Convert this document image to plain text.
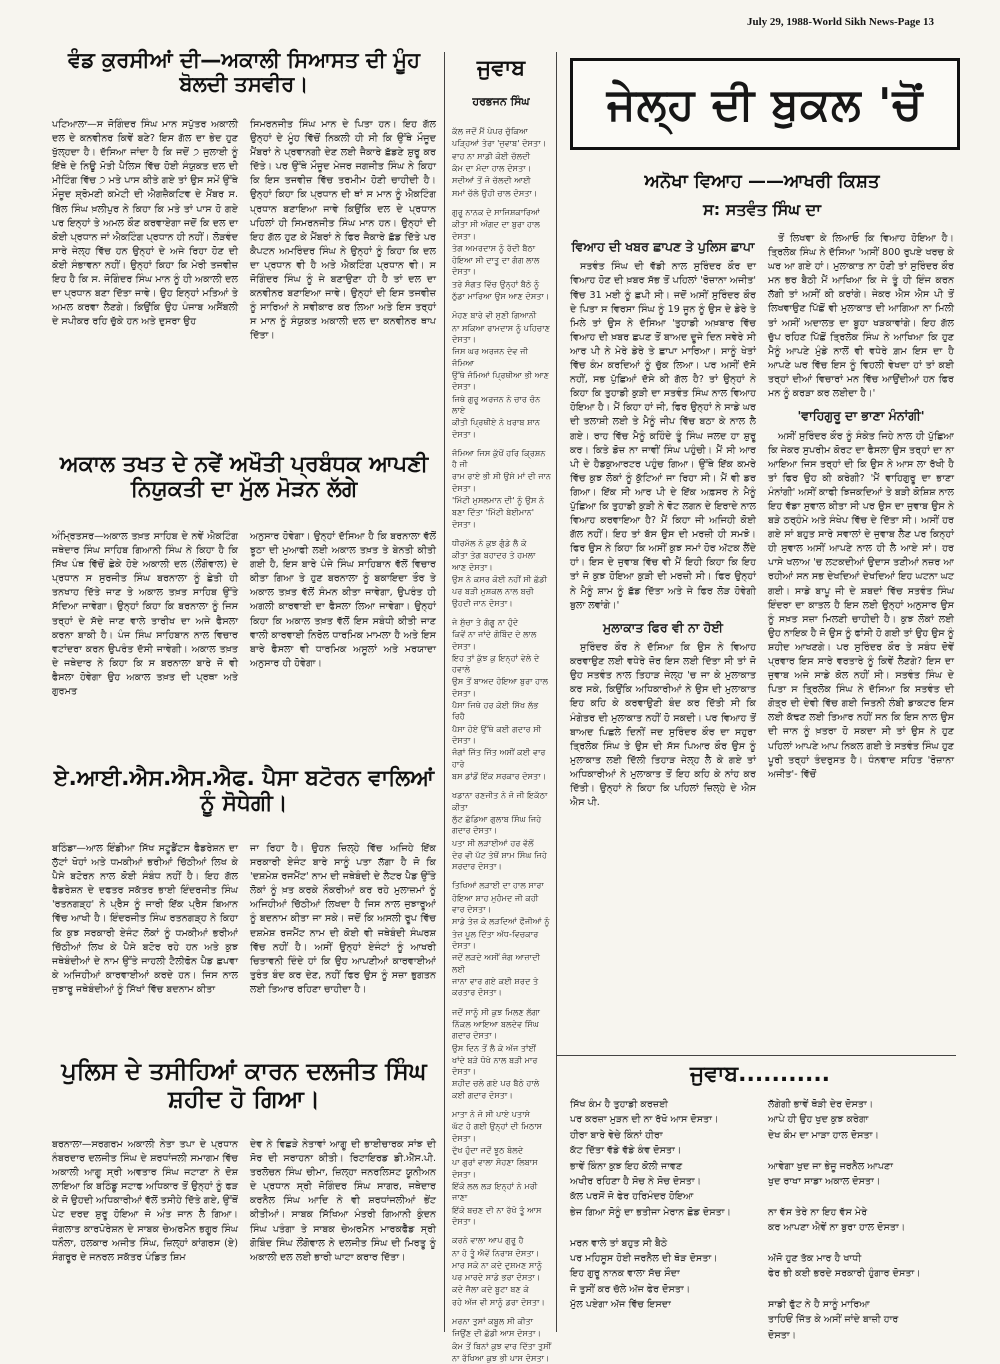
July 29, 1988-World Sikh News-Page 13
ਵੰਡ ਕੁਰਸੀਆਂ ਦੀ—ਅਕਾਲੀ ਸਿਆਸਤ ਦੀ ਮੂੰਹ ਬੋਲਦੀ ਤਸਵੀਰ।
ਪਟਿਆਲਾ—ਸ ਜੋਗਿੰਦਰ ਸਿੰਘ ਮਾਨ ਸਪੁੱਤਰ ਅਕਾਲੀ ਦਲ ਦੇ ਕਨਵੀਨਰ ਕਿਵੇਂ ਬਣੇ? ਇਸ ਗੱਲ ਦਾ ਭੇਦ ਹੁਣ ਖੁੱਲ੍ਹਦਾ ਹੈ। ਦੱਸਿਆ ਜਾਂਦਾ ਹੈ ਕਿ ਜਦੋਂ ੭ ਜੁਲਾਈ ਨੂੰ ਇੱਥੇ ਦੇ ਨਿਊ ਮੋਤੀ ਪੈਲਿਸ ਵਿੱਚ ਹੋਈ ਸੰਯੁਕਤ ਦਲ ਦੀ ਮੀਟਿੰਗ ਵਿੱਚ ੭ ਮਤੇ ਪਾਸ ਕੀਤੇ ਗਏ ਤਾਂ ਉਸ ਸਮੇਂ ਉੱਥੇ ਮੌਜੂਦ ਸ਼੍ਰੋਮਣੀ ਕਮੇਟੀ ਦੀ ਐਗਜ਼ੈਕਟਿਵ ਦੇ ਮੈਂਬਰ ਸ. ਬਿੱਲ ਸਿੰਘ ਖ਼ਲੀਪੁਰ ਨੇ ਕਿਹਾ ਕਿ ਮਤੇ ਤਾਂ ਪਾਸ ਹੋ ਗਏ ਪਰ ਇਨ੍ਹਾਂ ਤੇ ਅਮਲ ਕੌਣ ਕਰਵਾਏਗਾ ਜਦੋਂ ਕਿ ਦਲ ਦਾ ਕੋਈ ਪ੍ਰਧਾਨ ਜਾਂ ਐਕਟਿੰਗ ਪ੍ਰਧਾਨ ਹੀ ਨਹੀਂ। ਲੋੜਵੰਦ ਸਾਰੇ ਜੇਲ੍ਹ ਵਿੱਚ ਹਨ ਉਨ੍ਹਾਂ ਦੇ ਅਜੇ ਰਿਹਾ ਹੋਣ ਦੀ ਕੋਈ ਸੰਭਾਵਨਾ ਨਹੀਂ। ਉਨ੍ਹਾਂ ਕਿਹਾ ਕਿ ਮੇਰੀ ਤਜਵੀਜ਼ ਇਹ ਹੈ ਕਿ ਸ. ਜੋਗਿੰਦਰ ਸਿੰਘ ਮਾਨ ਨੂੰ ਹੀ ਅਕਾਲੀ ਦਲ ਦਾ ਪ੍ਰਧਾਨ ਬਣਾ ਦਿੱਤਾ ਜਾਵੇ। ਉਹ ਇਨ੍ਹਾਂ ਮਤਿਆਂ ਤੇ ਅਮਲ ਕਰਵਾ ਲੈਣਗੇ। ਕਿਉਂਕਿ ਉਹ ਪੰਜਾਬ ਅਸੈਂਬਲੀ ਦੇ ਸਪੀਕਰ ਰਹਿ ਚੁੱਕੇ ਹਨ ਅਤੇ ਦੁਸਰਾ ਉਹ
ਸਿਮਰਨਜੀਤ ਸਿੰਘ ਮਾਨ ਦੇ ਪਿਤਾ ਹਨ। ਇਹ ਗੱਲ ਉਨ੍ਹਾਂ ਦੇ ਮੂੰਹ ਵਿੱਚੋਂ ਨਿਕਲੀ ਹੀ ਸੀ ਕਿ ਉੱਥੇ ਮੌਜੂਦ ਮੈਂਬਰਾਂ ਨੇ ਪ੍ਰਵਾਨਗੀ ਦੇਣ ਲਈ ਜੈਕਾਰੇ ਛੱਡਣੇ ਸ਼ੁਰੂ ਕਰ ਦਿੱਤੇ। ਪਰ ਉੱਥੇ ਮੌਜੂਦ ਮੇਜਰ ਜਗਜੀਤ ਸਿੰਘ ਨੇ ਕਿਹਾ ਕਿ ਇਸ ਤਜਵੀਜ਼ ਵਿੱਚ ਤਰਮੀਮ ਹੋਣੀ ਚਾਹੀਦੀ ਹੈ। ਉਨ੍ਹਾਂ ਕਿਹਾ ਕਿ ਪ੍ਰਧਾਨ ਦੀ ਥਾਂ ਸ ਮਾਨ ਨੂੰ ਐਕਟਿੰਗ ਪ੍ਰਧਾਨ ਬਣਾਇਆ ਜਾਵੇ ਕਿਉਂਕਿ ਦਲ ਦੇ ਪ੍ਰਧਾਨ ਪਹਿਲਾਂ ਹੀ ਸਿਮਰਨਜੀਤ ਸਿੰਘ ਮਾਨ ਹਨ। ਉਨ੍ਹਾਂ ਦੀ ਇਹ ਗੱਲ ਹੁਣ ਕੇ ਮੈਂਬਰਾਂ ਨੇ ਫਿਰ ਜੈਕਾਰੇ ਛੱਡ ਦਿੱਤੇ ਪਰ ਕੈਪਟਨ ਅਮਰਿੰਦਰ ਸਿੰਘ ਨੇ ਉਨ੍ਹਾਂ ਨੂੰ ਕਿਹਾ ਕਿ ਦਲ ਦਾ ਪ੍ਰਧਾਨ ਵੀ ਹੈ ਅਤੇ ਐਕਟਿੰਗ ਪ੍ਰਧਾਨ ਵੀ। ਸ ਜੋਗਿੰਦਰ ਸਿੰਘ ਨੂੰ ਜੇ ਬਣਾਉਣਾ ਹੀ ਹੈ ਤਾਂ ਦਲ ਦਾ ਕਨਵੀਨਰ ਬਣਾਇਆ ਜਾਵੇ। ਉਨ੍ਹਾਂ ਦੀ ਇਸ ਤਜਵੀਜ਼ ਨੂੰ ਸਾਰਿਆਂ ਨੇ ਸਵੀਕਾਰ ਕਰ ਲਿਆ ਅਤੇ ਇਸ ਤਰ੍ਹਾਂ ਸ ਮਾਨ ਨੂੰ ਸੰਯੁਕਤ ਅਕਾਲੀ ਦਲ ਦਾ ਕਨਵੀਨਰ ਥਾਪ ਦਿੱਤਾ।
ਅਕਾਲ ਤਖਤ ਦੇ ਨਵੇਂ ਅਖੌਤੀ ਪ੍ਰਬੰਧਕ ਆਪਣੀ ਨਿਯੁਕਤੀ ਦਾ ਮੁੱਲ ਮੋੜਨ ਲੱਗੇ
ਅੰਮ੍ਰਿਤਸਰ—ਅਕਾਲ ਤਖ਼ਤ ਸਾਹਿਬ ਦੇ ਨਵੇਂ ਐਕਟਿੰਗ ਜਥੇਦਾਰ ਸਿੰਘ ਸਾਹਿਬ ਗਿਆਨੀ ਸਿੰਘ ਨੇ ਕਿਹਾ ਹੈ ਕਿ ਸਿੱਖ ਪੰਥ ਵਿੱਚੋਂ ਛੇਕੇ ਹੋਏ ਅਕਾਲੀ ਦਲ (ਲੌਂਗੋਵਾਲ) ਦੇ ਪ੍ਰਧਾਨ ਸ ਸੁਰਜੀਤ ਸਿੰਘ ਬਰਨਾਲਾ ਨੂੰ ਛੇਤੀ ਹੀ ਤਨਖਾਹ ਦਿੱਤੇ ਜਾਣ ਤੇ ਅਕਾਲ ਤਖ਼ਤ ਸਾਹਿਬ ਉੱਤੇ ਸੱਦਿਆ ਜਾਵੇਗਾ। ਉਨ੍ਹਾਂ ਕਿਹਾ ਕਿ ਬਰਨਾਲਾ ਨੂੰ ਜਿਸ ਤਰ੍ਹਾਂ ਦੇ ਸੱਦੇ ਜਾਣ ਵਾਲੇ ਤਾਰੀਖ ਦਾ ਅਜੇ ਫੈਸਲਾ ਕਰਨਾ ਬਾਕੀ ਹੈ। ਪੰਜ ਸਿੰਘ ਸਾਹਿਬਾਨ ਨਾਲ ਵਿਚਾਰ ਵਟਾਂਦਰਾ ਕਰਨ ਉਪਰੰਤ ਦੱਸੀ ਜਾਵੇਗੀ। ਅਕਾਲ ਤਖ਼ਤ ਦੇ ਜਥੇਦਾਰ ਨੇ ਕਿਹਾ ਕਿ ਸ ਬਰਨਾਲਾ ਬਾਰੇ ਜੋ ਵੀ ਫੈਸਲਾ ਹੋਵੇਗਾ ਉਹ ਅਕਾਲ ਤਖ਼ਤ ਦੀ ਪ੍ਰਥਾ ਅਤੇ ਗੁਰਮਤ
ਅਨੁਸਾਰ ਹੋਵੇਗਾ। ਉਨ੍ਹਾਂ ਦੱਸਿਆ ਹੈ ਕਿ ਬਰਨਾਲਾ ਵੱਲੋਂ ਝੂਠਾ ਦੀ ਮੁਆਫੀ ਲਈ ਅਕਾਲ ਤਖ਼ਤ ਤੇ ਬੇਨਤੀ ਕੀਤੀ ਗਈ ਹੈ, ਇਸ ਬਾਰੇ ਪੰਜੇ ਸਿੰਘ ਸਾਹਿਬਾਨ ਵੱਲੋਂ ਵਿਚਾਰ ਕੀਤਾ ਗਿਆ ਤੇ ਹੁਣ ਬਰਨਾਲਾ ਨੂੰ ਬਕਾਇਦਾ ਤੌਰ ਤੇ ਅਕਾਲ ਤਖ਼ਤ ਵੱਲੋਂ ਸੰਮਨ ਕੀਤਾ ਜਾਵੇਗਾ, ਉਪਰੰਤ ਹੀ ਅਗਲੀ ਕਾਰਵਾਈ ਦਾ ਫੈਸਲਾ ਲਿਆ ਜਾਵੇਗਾ। ਉਨ੍ਹਾਂ ਕਿਹਾ ਕਿ ਅਕਾਲ ਤਖ਼ਤ ਵੱਲੋਂ ਇਸ ਸਬੰਧੀ ਕੀਤੀ ਜਾਣ ਵਾਲੀ ਕਾਰਵਾਈ ਨਿਰੋਲ ਧਾਰਮਿਕ ਮਾਮਲਾ ਹੈ ਅਤੇ ਇਸ ਬਾਰੇ ਫੈਸਲਾ ਵੀ ਧਾਰਮਿਕ ਅਸੂਲਾਂ ਅਤੇ ਮਰਯਾਦਾ ਅਨੁਸਾਰ ਹੀ ਹੋਵੇਗਾ।
ਏ.ਆਈ.ਐਸ.ਐਸ.ਐਫ. ਪੈਸਾ ਬਟੋਰਨ ਵਾਲਿਆਂ ਨੂੰ ਸੋਧੇਗੀ।
ਬਠਿੰਡਾ—ਆਲ ਇੰਡੀਆ ਸਿੱਖ ਸਟੂਡੈਂਟਸ ਫੈਡਰੇਸ਼ਨ ਦਾ ਲੁੱਟਾਂ ਖੋਹਾਂ ਅਤੇ ਧਮਕੀਆਂ ਭਰੀਆਂ ਚਿੱਠੀਆਂ ਲਿਖ ਕੇ ਪੈਸੇ ਬਟੋਰਨ ਨਾਲ ਕੋਈ ਸੰਬੰਧ ਨਹੀਂ ਹੈ। ਇਹ ਗੱਲ ਫੈਡਰੇਸ਼ਨ ਦੇ ਦਫਤਰ ਸਕੱਤਰ ਭਾਈ ਇੰਦਰਜੀਤ ਸਿੰਘ 'ਰਤਨਗੜ੍ਹ' ਨੇ ਪ੍ਰੈਸ ਨੂੰ ਜਾਰੀ ਇੱਕ ਪ੍ਰੈਸ ਬਿਆਨ ਵਿੱਚ ਆਖੀ ਹੈ। ਇੰਦਰਜੀਤ ਸਿੰਘ ਰਤਨਗੜ੍ਹ ਨੇ ਕਿਹਾ ਕਿ ਕੁਝ ਸਰਕਾਰੀ ਏਜੰਟ ਲੋਕਾਂ ਨੂੰ ਧਮਕੀਆਂ ਭਰੀਆਂ ਚਿੱਠੀਆਂ ਲਿਖ ਕੇ ਪੈਸੇ ਬਟੋਰ ਰਹੇ ਹਨ ਅਤੇ ਕੁਝ ਜਥੇਬੰਦੀਆਂ ਦੇ ਨਾਮ ਉੱਤੇ ਜਾਹਲੀ ਟੈਲੀਫੋਨ ਪੈਡ ਛਪਵਾ ਕੇ ਅਜਿਹੀਆਂ ਕਾਰਵਾਈਆਂ ਕਰਦੇ ਹਨ। ਜਿਸ ਨਾਲ ਜੁਝਾਰੂ ਜਥੇਬੰਦੀਆਂ ਨੂੰ ਸਿੱਖਾਂ ਵਿੱਚ ਬਦਨਾਮ ਕੀਤਾ
ਜਾ ਰਿਹਾ ਹੈ। ਉਹਨ ਜ਼ਿਲ੍ਹੇ ਵਿੱਚ ਅਜਿਹੇ ਇੱਕ ਸਰਕਾਰੀ ਏਜੰਟ ਬਾਰੇ ਸਾਨੂੰ ਪਤਾ ਲੱਗਾ ਹੈ ਜੋ ਕਿ 'ਦਸ਼ਮੇਸ਼ ਰਜਮੈਂਟ' ਨਾਮ ਦੀ ਜਥੇਬੰਦੀ ਦੇ ਲੈਟਰ ਪੈਡ ਉੱਤੇ ਲੋਕਾਂ ਨੂੰ ਖ਼ਤ ਕਰਕੇ ਨੌਕਰੀਆਂ ਕਰ ਰਹੇ ਮੁਲਾਜ਼ਮਾਂ ਨੂੰ ਅਜਿਹੀਆਂ ਚਿੱਠੀਆਂ ਲਿਖਦਾ ਹੈ ਜਿਸ ਨਾਲ ਜੁਝਾਰੂਆਂ ਨੂੰ ਬਦਨਾਮ ਕੀਤਾ ਜਾ ਸਕੇ। ਜਦੋਂ ਕਿ ਅਸਲੀ ਰੂਪ ਵਿੱਚ ਦਸ਼ਮੇਸ਼ ਰਜਮੈਂਟ ਨਾਮ ਦੀ ਕੋਈ ਵੀ ਜਥੇਬੰਦੀ ਸੰਘਰਸ਼ ਵਿੱਚ ਨਹੀਂ ਹੈ। ਅਸੀਂ ਉਨ੍ਹਾਂ ਏਜੰਟਾਂ ਨੂੰ ਆਖਰੀ ਚਿਤਾਵਨੀ ਦਿੰਦੇ ਹਾਂ ਕਿ ਉਹ ਆਪਣੀਆਂ ਕਾਰਵਾਈਆਂ ਤੁਰੰਤ ਬੰਦ ਕਰ ਦੇਣ, ਨਹੀਂ ਫਿਰ ਉਸ ਨੂੰ ਸਜ਼ਾ ਭੁਗਤਨ ਲਈ ਤਿਆਰ ਰਹਿਣਾ ਚਾਹੀਦਾ ਹੈ।
ਪੁਲਿਸ ਦੇ ਤਸੀਹਿਆਂ ਕਾਰਨ ਦਲਜੀਤ ਸਿੰਘ ਸ਼ਹੀਦ ਹੋ ਗਿਆ।
ਬਰਨਾਲਾ—ਸਰਗਰਮ ਅਕਾਲੀ ਨੇਤਾ ਤਪਾ ਦੇ ਪ੍ਰਧਾਨ ਨੰਬਰਦਾਰ ਦਲਜੀਤ ਸਿੰਘ ਦੇ ਸ਼ਰਧਾਂਜਲੀ ਸਮਾਗਮ ਵਿੱਚ ਅਕਾਲੀ ਆਗੂ ਸ੍ਰੀ ਅਵਤਾਰ ਸਿੰਘ ਜਟਾਣਾ ਨੇ ਦੋਸ਼ ਲਾਇਆ ਕਿ ਬਠਿੰਡੂ ਸਟਾਫ ਅਧਿਕਾਰ ਤੋਂ ਉਨ੍ਹਾਂ ਨੂੰ ਫੜ ਕੇ ਜੋ ਉਹਦੀ ਅਧਿਕਾਰੀਆਂ ਵੱਲੋਂ ਤਸੀਹੇ ਦਿੱਤੇ ਗਏ, ਉੱਥੋਂ ਪੇਟ ਦਰਦ ਸ਼ੁਰੂ ਹੋਇਆ ਜੋ ਅੰਤ ਜਾਨ ਲੈ ਗਿਆ। ਜੰਗਲਾਤ ਕਾਰਪੋਰੇਸ਼ਨ ਦੇ ਸਾਬਕ ਚੇਅਰਮੈਨ ਭਗੂਰ ਸਿੰਘ ਧਨੌਲਾ, ਹਲਕਾਰ ਅਜੀਤ ਸਿੰਘ, ਜ਼ਿਲ੍ਹਾਂ ਕਾਂਗਰਸ (ਏ) ਸੰਗਰੂਰ ਦੇ ਜਨਰਲ ਸਕੱਤਰ ਪੰਡਿਤ ਸ਼ਿਮ
ਦੇਵ ਨੇ ਵਿਛੜੇ ਨੇਤਾਵਾਂ ਆਗੂ ਦੀ ਭਾਈਚਾਰਕ ਸਾਂਝ ਦੀ ਸੋਰ ਦੀ ਸਰਾਹਨਾ ਕੀਤੀ। ਰਿਟਾਇਰਡ ਡੀ.ਐੱਸ.ਪੀ. ਤਰਲੋਚਨ ਸਿੰਘ ਚੀਮਾ, ਜ਼ਿਲ੍ਹਾ ਜਨਰਲਿਸਟ ਯੂਨੀਅਨ ਦੇ ਪ੍ਰਧਾਨ ਸ੍ਰੀ ਜੋਗਿੰਦਰ ਸਿੰਘ ਸਾਗਰ, ਜਥੇਦਾਰ ਕਰਨੈਲ ਸਿੰਘ ਆਦਿ ਨੇ ਵੀ ਸ਼ਰਧਾਂਜਲੀਆਂ ਭੇਂਟ ਕੀਤੀਆਂ। ਸਾਬਕ ਸਿੱਖਿਆ ਮੰਤਰੀ ਗਿਆਨੀ ਕੁੰਦਨ ਸਿੰਘ ਪਤੰਗਾ ਤੇ ਸਾਬਕ ਚੇਅਰਮੈਨ ਮਾਰਕਫੈੱਡ ਸ੍ਰੀ ਗੋਬਿੰਦ ਸਿੰਘ ਲੌਂਗੋਵਾਲ ਨੇ ਦਲਜੀਤ ਸਿੰਘ ਦੀ ਮਿਰਤੂ ਨੂੰ ਅਕਾਲੀ ਦਲ ਲਈ ਭਾਰੀ ਘਾਟਾ ਕਰਾਰ ਦਿੱਤਾ।
ਜੁਵਾਬ
ਹਰਭਜਨ ਸਿੰਘ
ਕੱਲ ਜਦੋਂ ਮੈਂ ਪੇਪਰ ਚੁੱਕਿਆ
ਪੜ੍ਹਿਆਂ ਤੇਰਾ 'ਜੁਵਾਬ' ਦੋਸਤਾ।
ਵਾਹ ਨਾ ਸਾਡੀ ਕੋਈ ਚੱਲਦੀ
ਕੰਮ ਦਾ ਮੰਦਾ ਹਾਲ ਦੋਸਤਾ।
ਸਦੀਆਂ ਤੋਂ ਜੋ ਚੱਲਦੀ ਆਈ
ਸਮਾਂ ਚੱਲੇ ਉਹੀ ਚਾਲ ਦੋਸਤਾ।
ਗੁਰੂ ਨਾਨਕ ਦੇ ਸਾਜਿਸ਼ਕਾਰਿਆਂ
ਕੀਤਾ ਸੀ ਅੰਗਦ ਦਾ ਬੁਰਾ ਹਾਲ ਦੋਸਤਾ।
ਤੇਗ ਅਮਰਦਾਸ ਨੂੰ ਰੱਦੀ ਬੈਠਾ
ਹੋਇਆ ਸੀ ਦਾਤੂ ਦਾ ਗੰਗ ਲਾਲ ਦੋਸਤਾ।
ਤਰੇ ਸੰਗਤ ਵਿੱਚ ਉਨ੍ਹਾਂ ਬੈਠੇ ਨੂੰ
ਠੁੱਡਾ ਮਾਰਿਆ ਉਸ ਆਣ ਦੋਸਤਾ।
ਮੋਹਣ ਬਾਰੇ ਵੀ ਸੁਣੀ ਗਿਆਨੀ
ਨਾ ਸਕਿਆ ਰਾਮਦਾਸ ਨੂੰ ਪਹਿਚਾਣ ਦੋਸਤਾ।
ਜਿਸ ਘਰ ਅਰਜਨ ਦੇਵ ਜੀ ਜੰਮਿਆ
ਉੱਥੇ ਜੰਮਿਆਂ ਪ੍ਰਿਥੀਆ ਭੀ ਆਣ ਦੋਸਤਾ।
ਜਿਥੇ ਗੁਰੂ ਅਰਜਨ ਨੇ ਚਾਰ ਚੰਨ ਲਾਏ
ਕੀਤੀ ਪ੍ਰਿਥੀਏ ਨੇ ਖ਼ਰਾਬ ਸ਼ਾਨ ਦੋਸਤਾ।
ਜੰਮਿਆ ਜਿਸ ਕੁੱਖੋਂ ਹਰਿ ਕ੍ਰਿਸ਼ਨ ਹੈ ਜੀ
ਰਾਮ ਰਾਏ ਭੀ ਸੀ ਉਸੇ ਮਾਂ ਦੀ ਜਾਨ ਦੋਸਤਾ।
'ਮਿੱਟੀ ਮੁਸਲਮਾਨ ਦੀ' ਨੂੰ ਉਸ ਨੇ
ਬਣਾ ਦਿੱਤਾ 'ਮਿੱਟੀ ਬੇਈਮਾਨ' ਦੋਸਤਾ।
ਧੀਰਮੱਲ ਨੇ ਕੁਝ ਗੁੰਡੇ ਲੈ ਕੇ
ਕੀਤਾ ਤੇਗ ਬਹਾਦਰ ਤੇ ਹਮਲਾ ਆਣ ਦੋਸਤਾ।
ਉਸ ਨੇ ਕਸਰ ਕੋਈ ਨਹੀਂ ਸੀ ਛੱਡੀ
ਪਰ ਬੜੀ ਮੁਸ਼ਕਲ ਨਾਲ ਬਚੀ ਉਹਦੀ ਜਾਨ ਦੋਸਤਾ।
ਜੇ ਸੁੱਚਾ ਤੇ ਗੰਗੂ ਨਾ ਹੁੰਦੇ
ਕਿਵੇਂ ਨਾ ਜਾਂਦੇ ਗੋਬਿੰਦ ਦੇ ਲਾਲ ਦੋਸਤਾ।
ਇਹ ਤਾਂ ਕੁੱਝ ਕੁ ਇਨ੍ਹਾਂ ਵੇਲੇ ਦੇ ਹਵਾਲੇ
ਉਸ ਤੋਂ ਬਾਅਦ ਹੋਇਆ ਬੁਰਾ ਹਾਲ ਦੋਸਤਾ।
ਪੈਸਾ ਜਿਥੇ ਹਰ ਕੋਈ ਸਿੱਖ ਲੱਭ ਰਿਹੈ
ਪੈਸਾ ਹੋਏ ਉੱਥੇ ਕਈ ਗਦਾਰ ਸੀ ਦੋਸਤਾ।
ਜੰਗਾਂ ਜਿੱਤ ਜਿੱਤ ਅਸੀਂ ਕਈ ਵਾਰ ਹਾਰੇ
ਬਸ ਡਾਂਡੋਂ ਇੱਕ ਸਰਕਾਰ ਦੋਸਤਾ।
ਖਡਾਨਾ ਰਣਜੀਤ ਨੇ ਜੋ ਜੀ ਇਕੱਠਾ ਕੀਤਾ
ਲੁੱਟ ਛੱਡਿਆ ਗੁਲਾਬ ਸਿੰਘ ਜਿਹੇ ਗਦਾਰ ਦੋਸਤਾ।
ਪਤਾ ਸੀ ਲੜਾਈਆਂ ਹਰ ਵੱਲੋਂ
ਦੇਰ ਵੀ ਪੱਟ ਤੇਥੋਂ ਸ਼ਾਮ ਸਿੰਘ ਜਿਹੇ ਸਰਦਾਰ ਦੋਸਤਾ।
ਤਿਖਿਆਂ ਲੜਾਈ ਦਾ ਹਾਲ ਸਾਰਾ
ਹੋਇਆ ਸ਼ਾਹ ਮੁਹੰਮਦ ਜੀ ਕਹੀ ਵਾਰ ਦੋਸਤਾ।
ਸਾਡੇ ਤੇਜ਼ ਕੇ ਲੜਦਿਆਂ ਫੌਜੀਆਂ ਨੂੰ
ਤੇਜ਼ ਪੂਲ ਦਿੱਤਾ ਅੱਧ-ਵਿਚਕਾਰ ਦੋਸਤਾ।
ਜਦੋਂ ਲੜਦੇ ਅਸੀਂ ਜੰਗ ਆਜ਼ਾਦੀ ਲਈ
ਜਾਨਾ ਵਾਰ ਗਏ ਕਈ ਸ਼ਰਦ ਤੇ ਕਰਤਾਰ ਦੋਸਤਾ।
ਜਦੋਂ ਸਾਨੂੰ ਸੀ ਕੁਝ ਮਿਲਣ ਲੱਗਾ
ਨਿੱਕਲ ਆਇਆ ਬਲਦੇਵ ਸਿੰਘ ਗਦਾਰ ਦੋਸਤਾ।
ਉਸ ਦਿਨ ਤੋਂ ਲੈ ਕੇ ਅੱਜ ਤਾਂਈਂ
ਖਾਂਦੇ ਬੜੇ ਧੋਖੇ ਨਾਲ ਬੜੀ ਮਾਰ ਦੋਸਤਾ।
ਸ਼ਹੀਦ ਚਲੇ ਗਏ ਪਰ ਬੈਠੇ ਹਾਲੇ ਕਈ ਗਦਾਰ ਦੋਸਤਾ।
ਮਾਤਾ ਨੇ ਜੋ ਸੀ ਪਾਏ ਪਤਾਸੇ
ਘੱਟ ਹੋ ਗਈ ਉਨ੍ਹਾਂ ਦੀ ਮਿਠਾਸ ਦੋਸਤਾ।
ਦੁੱਖ ਹੁੰਦਾ ਜਦੋਂ ਝੂਠ ਬੋਲਦੇ
ਪਾ ਗੁਰਾਂ ਵਾਲਾ ਸੋਹਣਾ ਲਿਬਾਸ ਦੋਸਤਾ।
ਇੱਕੋ ਲਲ ਲੜ ਇਨ੍ਹਾਂ ਨੇ ਮਰੀ ਜਾਣਾ
ਇੱਕੋ ਬਚਣ ਦੀ ਨਾ ਰੱਖੋ ਤੂੰ ਆਸ ਦੋਸਤਾ।
ਕਰਨੇ ਵਾਲਾ ਆਪ ਗੁਰੂ ਹੈ
ਨਾ ਹੋ ਤੂੰ ਐਵੇਂ ਨਿਰਾਸ਼ ਦੋਸਤਾ।
ਮਾਰ ਸਕੇ ਨਾ ਕਦੇ ਦੁਸ਼ਮਣ ਸਾਨੂੰ
ਪਰ ਮਾਰਦੇ ਸਾਡੇ ਭਰਾ ਦੋਸਤਾ।
ਕਦੇ ਜੈਲਾ ਕਦੇ ਬੂਟਾ ਬਣ ਕੇ
ਰਹੇ ਅੱਜ ਵੀ ਸਾਨੂੰ ਡਰਾ ਦੋਸਤਾ।
ਮਰਨਾ ਤੁਸਾਂ ਕਬੂਲ ਸੀ ਕੀਤਾ
ਜਿਉਂਣ ਦੀ ਛੱਡੀ ਆਸ ਦੋਸਤਾ।
ਕੰਮ ਤੋਂ ਬਿਨਾਂ ਕੁਝ ਵਾਰ ਦਿੱਤਾ ਤੁਸੀਂ
ਨਾ ਰੱਖਿਆ ਕੁਝ ਭੀ ਪਾਸ ਦੋਸਤਾ।
ਜੇਲ੍ਹ ਦੀ ਬੁਕਲ 'ਚੋਂ
ਅਨੋਖਾ ਵਿਆਹ ——ਆਖਰੀ ਕਿਸ਼ਤ
ਸ: ਸਤਵੰਤ ਸਿੰਘ ਦਾ
ਵਿਆਹ ਦੀ ਖਬਰ ਛਾਪਣ ਤੇ ਪੁਲਿਸ ਛਾਪਾ

ਸਤਵੰਤ ਸਿੰਘ ਦੀ ਵੱਡੀ ਨਾਲ ਸੁਰਿੰਦਰ ਕੌਰ ਦਾ ਵਿਆਹ ਹੋਣ ਦੀ ਖ਼ਬਰ ਸੱਭ ਤੋਂ ਪਹਿਲਾਂ 'ਰੋਜ਼ਾਨਾ ਅਜੀਤ' ਵਿੱਚ 31 ਮਈ ਨੂੰ ਛਪੀ ਸੀ। ਜਦੋਂ ਅਸੀਂ ਸੁਰਿੰਦਰ ਕੌਰ ਦੇ ਪਿਤਾ ਸ ਵਿਰਸਾ ਸਿੰਘ ਨੂੰ 19 ਜੂਨ ਨੂੰ ਉਸ ਦੇ ਡੇਰੇ ਤੇ ਮਿਲੇ ਤਾਂ ਉਸ ਨੇ ਦੱਸਿਆ 'ਤੁਹਾਡੀ ਅਖ਼ਬਾਰ ਵਿੱਚ ਵਿਆਹ ਦੀ ਖ਼ਬਰ ਛਪਣ ਤੋਂ ਬਾਅਦ ਦੂਜੇ ਦਿਨ ਸਵੇਰੇ ਸੀ ਆਰ ਪੀ ਨੇ ਮੇਰੇ ਡੇਰੇ ਤੇ ਛਾਪਾ ਮਾਰਿਆ। ਸਾਨੂੰ ਖੇਤਾਂ ਵਿੱਚ ਕੰਮ ਕਰਦਿਆਂ ਨੂੰ ਚੁੱਕ ਲਿਆ। ਪਰ ਅਸੀਂ ਦੱਸੋ ਨਹੀਂ, ਸਭ ਪੁੱਛਿਆਂ ਦੱਸੇ ਕੀ ਗੱਲ ਹੈ? ਤਾਂ ਉਨ੍ਹਾਂ ਨੇ ਕਿਹਾ ਕਿ ਤੁਹਾਡੀ ਕੁੜੀ ਦਾ ਸਤਵੰਤ ਸਿੰਘ ਨਾਲ ਵਿਆਹ ਹੋਇਆ ਹੈ। ਮੈਂ ਕਿਹਾ ਹਾਂ ਜੀ, ਫਿਰ ਉਨ੍ਹਾਂ ਨੇ ਸਾਡੇ ਘਰ ਦੀ ਤਲਾਸ਼ੀ ਲਈ ਤੇ ਮੈਨੂੰ ਜੀਪ ਵਿੱਚ ਬਠਾ ਕੇ ਨਾਲ ਲੈ ਗਏ। ਰਾਹ ਵਿੱਚ ਮੈਨੂੰ ਕਹਿੰਦੇ ਤੂੰ ਸਿੰਘ ਜਲਦ ਹਾ ਸ਼ੁਰੂ ਕਰ। ਕਿਤੇ ਡੋਜ਼ ਨਾ ਜਾਵੀਂ ਸਿੰਘ ਪਹੁੰਚੀ। ਮੈਂ ਸੀ ਆਰ ਪੀ ਦੇ ਹੈਡਕੁਆਰਟਰ ਪਹੁੰਚ ਗਿਆ। ਉੱਥੇ ਇੱਕ ਕਮਰੇ ਵਿੱਚ ਕੁਝ ਲੋਕਾਂ ਨੂੰ ਕੁੱਟਿਆਂ ਜਾ ਰਿਹਾ ਸੀ। ਮੈਂ ਵੀ ਡਰ ਗਿਆ। ਇੱਕ ਸੀ ਆਰ ਪੀ ਦੇ ਇੱਕ ਅਫ਼ਸਰ ਨੇ ਮੈਨੂੰ ਪੁੱਛਿਆ ਕਿ ਤੁਹਾਡੀ ਕੁੜੀ ਨੇ ਵੋਟ ਲਗਨ ਦੇ ਇਰਾਦੇ ਨਾਲ ਵਿਆਹ ਕਰਵਾਇਆ ਹੈ? ਮੈਂ ਕਿਹਾ ਜੀ ਅਜਿਹੀ ਕੋਈ ਗੱਲ ਨਹੀਂ। ਇਹ ਤਾਂ ਬੱਸ ਉਸ ਦੀ ਮਰਜ਼ੀ ਹੀ ਸਮਝੋ। ਫਿਰ ਉਸ ਨੇ ਕਿਹਾ ਕਿ ਅਸੀਂ ਕੁਝ ਸਮਾਂ ਹੋਰ ਅੱਟਕ ਲੈਂਦੇ ਹਾਂ। ਇਸ ਦੇ ਜੁਵਾਬ ਵਿੱਚ ਵੀ ਮੈਂ ਇਹੀ ਕਿਹਾ ਕਿ ਇਹ ਤਾਂ ਜੋ ਕੁਝ ਹੋਇਆ ਕੁੜੀ ਦੀ ਮਰਜ਼ੀ ਸੀ। ਫਿਰ ਉਨ੍ਹਾਂ ਨੇ ਮੈਨੂੰ ਸ਼ਾਮ ਨੂੰ ਛੱਡ ਦਿੱਤਾ ਅਤੇ ਜੇ ਫਿਰ ਲੋੜ ਹੋਵੇਗੀ ਬੁਲਾ ਲਵਾਂਗੇ।'

ਮੁਲਾਕਾਤ ਫਿਰ ਵੀ ਨਾ ਹੋਈ

ਸੁਰਿੰਦਰ ਕੌਰ ਨੇ ਦੱਸਿਆ ਕਿ ਉਸ ਨੇ ਵਿਆਹ ਕਰਵਾਉਣ ਲਈ ਵਧੇਰੇ ਜ਼ੋਰ ਇਸ ਲਈ ਦਿੱਤਾ ਸੀ ਤਾਂ ਜੋ ਉਹ ਸਤਵੰਤ ਨਾਲ ਤਿਹਾੜ ਜੇਲ੍ਹ 'ਚ ਜਾ ਕੇ ਮੁਲਾਕਾਤ ਕਰ ਸਕੇ, ਕਿਉਂਕਿ ਅਧਿਕਾਰੀਆਂ ਨੇ ਉਸ ਦੀ ਮੁਲਾਕਾਤ ਇਹ ਕਹਿ ਕੇ ਕਰਵਾਉਣੀ ਬੰਦ ਕਰ ਦਿੱਤੀ ਸੀ ਕਿ ਮੰਗੇਤਰ ਦੀ ਮੁਲਾਕਾਤ ਨਹੀਂ ਹੋ ਸਕਦੀ। ਪਰ ਵਿਆਹ ਤੋਂ ਬਾਅਦ ਪਿਛਲੇ ਦਿਨੀਂ ਜਦ ਸੁਰਿੰਦਰ ਕੌਰ ਦਾ ਸਹੁਰਾ ਤ੍ਰਿਲੋਕ ਸਿੰਘ ਤੇ ਉਸ ਦੀ ਸੱਸ ਪਿਆਰ ਕੌਰ ਉਸ ਨੂੰ ਮੁਲਾਕਾਤ ਲਈ ਦਿੱਲੀ ਤਿਹਾੜ ਜੇਲ੍ਹ ਲੈ ਕੇ ਗਏ ਤਾਂ ਅਧਿਕਾਰੀਆਂ ਨੇ ਮੁਲਾਕਾਤ ਤੋਂ ਇਹ ਕਹਿ ਕੇ ਨਾਂਹ ਕਰ ਦਿੱਤੀ। ਉਨ੍ਹਾਂ ਨੇ ਕਿਹਾ ਕਿ ਪਹਿਲਾਂ ਜ਼ਿਲ੍ਹੇ ਦੇ ਐਸ ਐਸ ਪੀ.

ਤੋਂ ਲਿਖਵਾ ਕੇ ਲਿਆਓ ਕਿ ਵਿਆਹ ਹੋਇਆ ਹੈ। ਤ੍ਰਿਲੋਕ ਸਿੰਘ ਨੇ ਦੱਸਿਆ 'ਅਸੀਂ 800 ਰੁਪਏ ਖਰਚ ਕੇ ਘਰ ਆ ਗਏ ਹਾਂ। ਮੁਲਾਕਾਤ ਨਾ ਹੋਣੀ ਤਾਂ ਸੁਰਿੰਦਰ ਕੌਰ ਮਨ ਭਰ ਬੈਠੀ ਮੈਂ ਆਖਿਆ ਕਿ ਜੇ ਤੂੰ ਹੀ ਇੰਜ ਕਰਨ ਲੱਗੀ ਤਾਂ ਅਸੀਂ ਕੀ ਕਰਾਂਗੇ। ਜੇਕਰ ਐਸ ਐਸ ਪੀ ਤੋਂ ਲਿਖਵਾਉਣ ਪਿੱਛੋਂ ਵੀ ਮੁਲਾਕਾਤ ਦੀ ਆਗਿਆ ਨਾ ਮਿਲੀ ਤਾਂ ਅਸੀਂ ਅਦਾਲਤ ਦਾ ਬੂਹਾ ਖੜਕਾਵਾਂਗੇ। ਇਹ ਗੱਲ ਚੁੱਪ ਰਹਿਣ ਪਿੱਛੋਂ ਤ੍ਰਿਲੋਕ ਸਿੰਘ ਨੇ ਆਖਿਆ ਕਿ ਹੁਣ ਮੈਨੂੰ ਆਪਣੇ ਮੁੰਡੇ ਨਾਲੋਂ ਵੀ ਵਧੇਰੇ ਗ਼ਮ ਇਸ ਦਾ ਹੈ ਆਪਣੇ ਘਰ ਵਿੱਚ ਇਸ ਨੂੰ ਵਿਹਲੀ ਵੇਖਦਾ ਹਾਂ ਤਾਂ ਕਈ ਤਰ੍ਹਾਂ ਦੀਆਂ ਵਿਚਾਰਾਂ ਮਨ ਵਿੱਚ ਆਉਂਦੀਆਂ ਹਨ ਫਿਰ ਮਨ ਨੂੰ ਕਰੜਾ ਕਰ ਲਈਦਾ ਹੈ।'

'ਵਾਹਿਗੁਰੂ ਦਾ ਭਾਣਾ ਮੰਨਾਂਗੀ'

ਅਸੀਂ ਸੁਰਿੰਦਰ ਕੌਰ ਨੂੰ ਸੰਕੇਤ ਜਿਹੇ ਨਾਲ ਹੀ ਪੁੱਛਿਆ ਕਿ ਜੇਕਰ ਸੁਪਰੀਮ ਕੋਰਟ ਦਾ ਫੈਸਲਾ ਉਸ ਤਰ੍ਹਾਂ ਦਾ ਨਾ ਆਇਆ ਜਿਸ ਤਰ੍ਹਾਂ ਦੀ ਕਿ ਉਸ ਨੇ ਆਸ ਲਾ ਰੱਖੀ ਹੈ ਤਾਂ ਫਿਰ ਉਹ ਕੀ ਕਰੇਗੀ? 'ਮੈਂ ਵਾਹਿਗੁਰੂ ਦਾ ਭਾਣਾ ਮੰਨਾਂਗੀ' ਅਸੀਂ ਕਾਫੀ ਝਿਜਕਦਿਆਂ ਤੇ ਬੜੀ ਕੋਸ਼ਿਸ਼ ਨਾਲ ਇਹ ਵੱਡਾ ਸੁਵਾਲ ਕੀਤਾ ਸੀ ਪਰ ਉਸ ਦਾ ਜੁਵਾਬ ਉਸ ਨੇ ਬੜੇ ਠਰ੍ਹੰਮੇ ਅਤੇ ਸੰਖੇਪ ਵਿੱਚ ਦੇ ਦਿੱਤਾ ਸੀ। ਅਸੀਂ ਹਰ ਗਏ ਸਾਂ ਬਹੁਤ ਸਾਰੇ ਸਵਾਲਾਂ ਦੇ ਜੁਵਾਬ ਲੈਣ ਪਰ ਕਿਨ੍ਹਾਂ ਹੀ ਸੁਵਾਲ ਅਸੀਂ ਆਪਣੇ ਨਾਲ ਹੀ ਲੈ ਆਏ ਸਾਂ। ਹਰ ਪਾਸੇ ਖਲਾਅ 'ਚ ਲਟਕਦੀਆਂ ਉਦਾਸ ਤਣੀਆਂ ਨਜ਼ਰ ਆ ਰਹੀਆਂ ਸਨ ਸਭ ਦੇਖਦਿਆਂ ਦੇਖਦਿਆਂ ਇਹ ਘਟਨਾ ਘਟ ਗਈ। ਸਾਡੇ ਬਾਪੂ ਜੀ ਦੇ ਸ਼ਬਦਾਂ ਵਿੱਚ ਸਤਵੰਤ ਸਿੰਘ ਇੰਦਰਾ ਦਾ ਕਾਤਲ ਹੈ ਇਸ ਲਈ ਉਨ੍ਹਾਂ ਅਨੁਸਾਰ ਉਸ ਨੂੰ ਸਖ਼ਤ ਸਜ਼ਾ ਮਿਲਣੀ ਚਾਹੀਦੀ ਹੈ। ਕੁਝ ਲੋਕਾਂ ਲਈ ਉਹ ਨਾਇਕ ਹੈ ਜੋ ਉਸ ਨੂੰ ਫਾਂਸੀ ਹੋ ਗਈ ਤਾਂ ਉਹ ਉਸ ਨੂੰ ਸ਼ਹੀਦ ਆਖਣਗੇ। ਪਰ ਸੁਰਿੰਦਰ ਕੌਰ ਤੇ ਸਬੰਧ ਦੋਵੇਂ ਪ੍ਰਵਾਰ ਇਸ ਸਾਰੇ ਵਰਤਾਰੇ ਨੂੰ ਕਿਵੇਂ ਲੈਣਗੇ? ਇਸ ਦਾ ਜੁਵਾਬ ਅਜੇ ਸਾਡੇ ਕੋਲ ਨਹੀਂ ਸੀ। ਸਤਵੰਤ ਸਿੰਘ ਦੇ ਪਿਤਾ ਸ ਤ੍ਰਿਲੋਕ ਸਿੰਘ ਨੇ ਦੱਸਿਆ ਕਿ ਸਤਵੰਤ ਦੀ ਗੋਤ੍ਰ ਦੀ ਦੇਵੀ ਵਿੱਚ ਗਈ ਜਿਤਨੀ ਲੰਬੀ ਡਾਕਟਰ ਇਸ ਲਈ ਕੱਢਣ ਲਈ ਤਿਆਰ ਨਹੀਂ ਸਨ ਕਿ ਇਸ ਨਾਲ ਉਸ ਦੀ ਜਾਨ ਨੂੰ ਖ਼ਤਰਾ ਹੋ ਸਕਦਾ ਸੀ ਤਾਂ ਉਸ ਨੇ ਹੁਣ ਪਹਿਲਾਂ ਆਪਣੇ ਆਪ ਨਿਕਲ ਗਈ ਤੇ ਸਤਵੰਤ ਸਿੰਘ ਹੁਣ ਪੂਰੀ ਤਰ੍ਹਾਂ ਤੰਦਰੁਸਤ ਹੈ। ਧੰਨਵਾਦ ਸਹਿਤ 'ਰੋਜ਼ਾਨਾ ਅਜੀਤ'- ਵਿੱਚੋਂ

ਜੁਵਾਬ...........
ਸਿੱਖ ਕੰਮ ਹੈ ਤੁਹਾਡੀ ਕਰਜ਼ਈ
ਪਰ ਕਰਜ਼ਾ ਮੁੜਨ ਦੀ ਨਾ ਰੱਖੋ ਆਸ ਦੋਸਤਾ।
ਹੀਰਾ ਬਾਰੇ ਵੇਚੇ ਕਿੰਨਾਂ ਹੀਰਾ
ਕੱਟ ਦਿੱਤਾ ਵੱਡੇ ਵੱਡੇ ਕੰਵ ਦੋਸਤਾ।
ਭਾਵੇਂ ਕਿੰਨਾ ਕੁਝ ਇਹ ਕੋਲੀ ਜਾਵਣ
ਅਖੀਰ ਰਹਿਣਾ ਹੈ ਸੋਚ ਨੇ ਸੋਚ ਦੋਸਤਾ।
ਕੱਲ ਪਰਸੋਂ ਜੋ ਫੇਰ ਹਰਿਮੰਦਰ ਹੋਇਆ
ਭੇਜ ਗਿਆ ਸੋਨੂੰ ਦਾ ਭਤੀਜਾ ਮੇਰਾਨ ਛੋਡ ਦੋਸਤਾ।

ਮਰਨ ਵਾਲੇ ਤਾਂ ਬਹੁਤ ਸੀ ਬੈਠੇ
ਪਰ ਮਹਿਸੂਸ ਹੋਈ ਜਰਨੈਲ ਦੀ ਥੋੜ ਦੋਸਤਾ।
ਇਹ ਗੁਰੂ ਨਾਨਕ ਵਾਲਾ ਸੱਚ ਸੌਦਾ
ਜੋ ਤੁਸੀਂ ਕਰ ਚੱਲੇ ਅੱਜ ਫੇਰ ਦੋਸਤਾ।
ਮੁੱਲ ਪਏਗਾ ਅੱਜ ਵਿੱਚ ਇਸਦਾ
ਲੱਗੇਗੀ ਭਾਵੇਂ ਥੋੜੀ ਦੇਰ ਦੋਸਤਾ।
ਆਪੇ ਹੀ ਉਹ ਖੁਦ ਕੁਝ ਕਰੇਗਾ
ਦੇਖ ਕੌਮ ਦਾ ਮਾੜਾ ਹਾਲ ਦੋਸਤਾ।

ਆਵੇਗਾ ਖੁਦ ਜਾ ਭੇਜੂ ਜਰਨੈਲ ਆਪਣਾ
ਖੁਦ ਰਾਖਾ ਸਾਡਾ ਅਕਾਲ ਦੋਸਤਾ।

ਨਾ ਵੱਸ ਤੇਰੇ ਨਾ ਇਹ ਵੱਸ ਮੇਰੇ
ਕਰ ਆਪਣਾ ਐਵੇਂ ਨਾ ਬੁਰਾ ਹਾਲ ਦੋਸਤਾ।

ਅੱਜੋ ਹੁਣ ਤੱਕ ਮਾਰ ਹੈ ਖਾਧੀ
ਫੇਰ ਭੀ ਕਈ ਭਰਦੇ ਸਰਕਾਰੀ ਹੁੰਗਾਰ ਦੋਸਤਾ।

ਸਾਡੀ ਫੁੱਟ ਨੇ ਹੈ ਸਾਨੂੰ ਮਾਰਿਆ
ਤਾਹਿਓਂ ਜਿੱਤ ਕੇ ਅਸੀਂ ਜਾਂਦੇ ਬਾਜ਼ੀ ਹਾਰ
ਦੋਸਤਾ।
